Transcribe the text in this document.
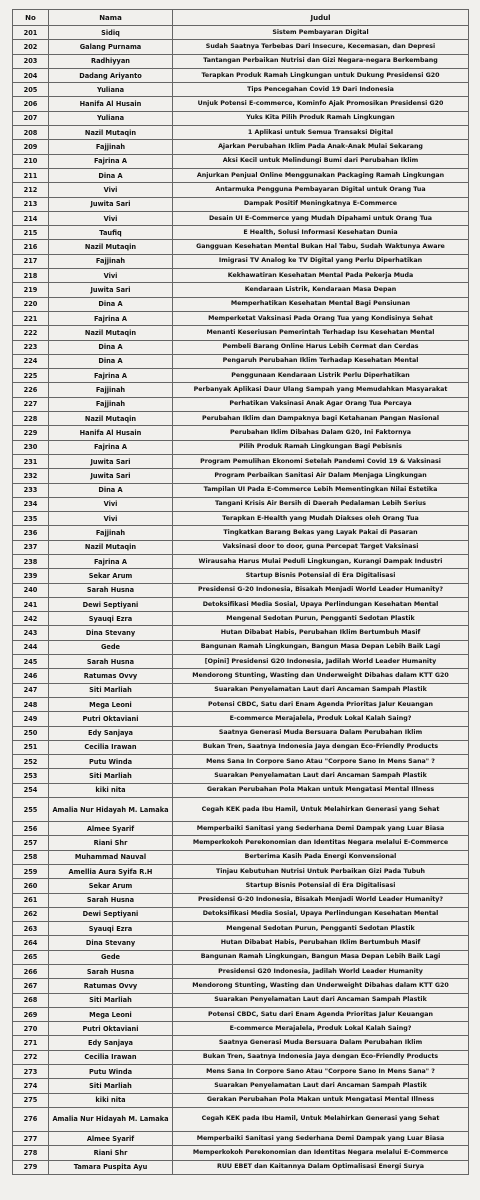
No	Nama	Judul
201	Sidiq	Sistem Pembayaran Digital
202	Galang Purnama	Sudah Saatnya Terbebas Dari Insecure, Kecemasan, dan Depresi
203	Radhiyyan	Tantangan Perbaikan Nutrisi dan Gizi Negara-negara Berkembang
204	Dadang Ariyanto	Terapkan Produk Ramah Lingkungan untuk Dukung Presidensi G20
205	Yuliana	Tips Pencegahan Covid 19 Dari Indonesia
206	Hanifa Al Husain	Unjuk Potensi E-commerce, Kominfo Ajak Promosikan Presidensi G20
207	Yuliana	Yuks Kita Pilih Produk Ramah Lingkungan
208	Nazil Mutaqin	1 Aplikasi untuk Semua Transaksi Digital
209	Fajjinah	Ajarkan Perubahan Iklim Pada Anak-Anak Mulai Sekarang
210	Fajrina A	Aksi Kecil untuk Melindungi Bumi dari Perubahan Iklim
211	Dina A	Anjurkan Penjual Online Menggunakan Packaging Ramah Lingkungan
212	Vivi	Antarmuka Pengguna Pembayaran Digital untuk Orang Tua
213	Juwita Sari	Dampak Positif Meningkatnya E-Commerce
214	Vivi	Desain UI E-Commerce yang Mudah Dipahami untuk Orang Tua
215	Taufiq	E Health, Solusi Informasi Kesehatan Dunia
216	Nazil Mutaqin	Gangguan Kesehatan Mental Bukan Hal Tabu, Sudah Waktunya Aware
217	Fajjinah	Imigrasi TV Analog ke TV Digital yang Perlu Diperhatikan
218	Vivi	Kekhawatiran Kesehatan Mental Pada Pekerja Muda
219	Juwita Sari	Kendaraan Listrik, Kendaraan Masa Depan
220	Dina A	Memperhatikan Kesehatan Mental Bagi Pensiunan
221	Fajrina A	Memperketat Vaksinasi Pada Orang Tua yang Kondisinya Sehat
222	Nazil Mutaqin	Menanti Keseriusan Pemerintah Terhadap Isu Kesehatan Mental
223	Dina A	Pembeli Barang Online Harus Lebih Cermat dan Cerdas
224	Dina A	Pengaruh Perubahan Iklim Terhadap Kesehatan Mental
225	Fajrina A	Penggunaan Kendaraan Listrik Perlu Diperhatikan
226	Fajjinah	Perbanyak Aplikasi Daur Ulang Sampah yang Memudahkan Masyarakat
227	Fajjinah	Perhatikan Vaksinasi Anak Agar Orang Tua Percaya
228	Nazil Mutaqin	Perubahan Iklim dan Dampaknya bagi Ketahanan Pangan Nasional
229	Hanifa Al Husain	Perubahan Iklim Dibahas Dalam G20, Ini Faktornya
230	Fajrina A	Pilih Produk Ramah Lingkungan Bagi Pebisnis
231	Juwita Sari	Program Pemulihan Ekonomi Setelah Pandemi Covid 19 & Vaksinasi
232	Juwita Sari	Program Perbaikan Sanitasi Air Dalam Menjaga Lingkungan
233	Dina A	Tampilan UI Pada E-Commerce Lebih Mementingkan Nilai Estetika
234	Vivi	Tangani Krisis Air Bersih di Daerah Pedalaman Lebih Serius
235	Vivi	Terapkan E-Health yang Mudah Diakses oleh Orang Tua
236	Fajjinah	Tingkatkan Barang Bekas yang Layak Pakai di Pasaran
237	Nazil Mutaqin	Vaksinasi door to door, guna Percepat Target Vaksinasi
238	Fajrina A	Wirausaha Harus Mulai Peduli Lingkungan, Kurangi Dampak Industri
239	Sekar Arum	Startup Bisnis Potensial di Era Digitalisasi
240	Sarah Husna	Presidensi G-20 Indonesia, Bisakah Menjadi World Leader Humanity?
241	Dewi Septiyani	Detoksifikasi Media Sosial, Upaya Perlindungan Kesehatan Mental
242	Syauqi Ezra	Mengenal Sedotan Purun, Pengganti Sedotan Plastik
243	Dina Stevany	Hutan Dibabat Habis, Perubahan Iklim Bertumbuh Masif
244	Gede	Bangunan Ramah Lingkungan, Bangun Masa Depan Lebih Baik Lagi
245	Sarah Husna	[Opini] Presidensi G20 Indonesia, Jadilah World Leader Humanity
246	Ratumas Ovvy	Mendorong Stunting, Wasting dan Underweight Dibahas dalam KTT G20
247	Siti Marliah	Suarakan Penyelamatan Laut dari Ancaman Sampah Plastik
248	Mega Leoni	Potensi CBDC, Satu dari Enam Agenda Prioritas Jalur Keuangan
249	Putri Oktaviani	E-commerce Merajalela, Produk Lokal Kalah Saing?
250	Edy Sanjaya	Saatnya Generasi Muda Bersuara Dalam Perubahan Iklim
251	Cecilia Irawan	Bukan Tren, Saatnya Indonesia Jaya dengan Eco-Friendly Products
252	Putu Winda	Mens Sana In Corpore Sano Atau "Corpore Sano In Mens Sana" ?
253	Siti Marliah	Suarakan Penyelamatan Laut dari Ancaman Sampah Plastik
254	kiki nita	Gerakan Perubahan Pola Makan untuk Mengatasi Mental Illness
255	Amalia Nur Hidayah M. Lamaka	Cegah KEK pada Ibu Hamil, Untuk Melahirkan Generasi yang Sehat
256	Almee Syarif	Memperbaiki Sanitasi yang Sederhana Demi Dampak yang Luar Biasa
257	Riani Shr	Memperkokoh Perekonomian dan Identitas Negara melalui E-Commerce
258	Muhammad Nauval	Berterima Kasih Pada Energi Konvensional
259	Amellia Aura Syifa R.H	Tinjau Kebutuhan Nutrisi Untuk Perbaikan Gizi Pada Tubuh
260	Sekar Arum	Startup Bisnis Potensial di Era Digitalisasi
261	Sarah Husna	Presidensi G-20 Indonesia, Bisakah Menjadi World Leader Humanity?
262	Dewi Septiyani	Detoksifikasi Media Sosial, Upaya Perlindungan Kesehatan Mental
263	Syauqi Ezra	Mengenal Sedotan Purun, Pengganti Sedotan Plastik
264	Dina Stevany	Hutan Dibabat Habis, Perubahan Iklim Bertumbuh Masif
265	Gede	Bangunan Ramah Lingkungan, Bangun Masa Depan Lebih Baik Lagi
266	Sarah Husna	Presidensi G20 Indonesia, Jadilah World Leader Humanity
267	Ratumas Ovvy	Mendorong Stunting, Wasting dan Underweight Dibahas dalam KTT G20
268	Siti Marliah	Suarakan Penyelamatan Laut dari Ancaman Sampah Plastik
269	Mega Leoni	Potensi CBDC, Satu dari Enam Agenda Prioritas Jalur Keuangan
270	Putri Oktaviani	E-commerce Merajalela, Produk Lokal Kalah Saing?
271	Edy Sanjaya	Saatnya Generasi Muda Bersuara Dalam Perubahan Iklim
272	Cecilia Irawan	Bukan Tren, Saatnya Indonesia Jaya dengan Eco-Friendly Products
273	Putu Winda	Mens Sana In Corpore Sano Atau "Corpore Sano In Mens Sana" ?
274	Siti Marliah	Suarakan Penyelamatan Laut dari Ancaman Sampah Plastik
275	kiki nita	Gerakan Perubahan Pola Makan untuk Mengatasi Mental Illness
276	Amalia Nur Hidayah M. Lamaka	Cegah KEK pada Ibu Hamil, Untuk Melahirkan Generasi yang Sehat
277	Almee Syarif	Memperbaiki Sanitasi yang Sederhana Demi Dampak yang Luar Biasa
278	Riani Shr	Memperkokoh Perekonomian dan Identitas Negara melalui E-Commerce
279	Tamara Puspita Ayu	RUU EBET dan Kaitannya Dalam Optimalisasi Energi Surya
